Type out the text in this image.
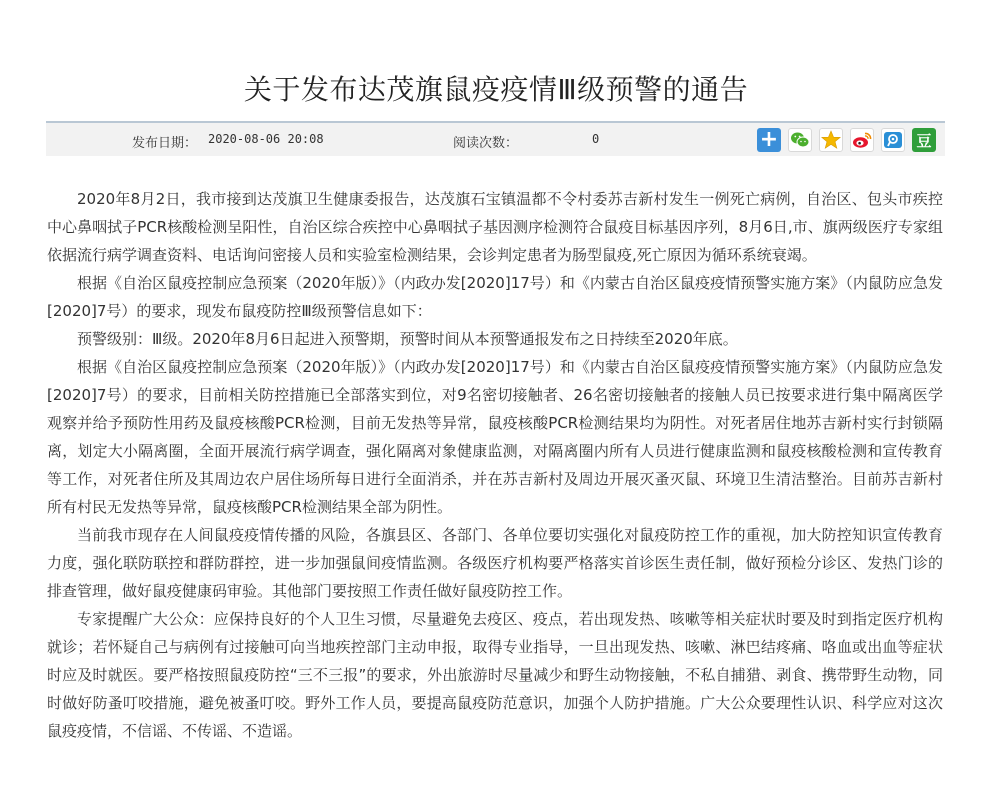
关于发布达茂旗鼠疫疫情Ⅲ级预警的通告
发布日期： 2020-08-06 20:08	阅读次数：	0	+	豆

2020年8月2日，我市接到达茂旗卫生健康委报告，达茂旗石宝镇温都不令村委苏吉新村发生一例死亡病例，自治区、包头市疾控中心鼻咽拭子PCR核酸检测呈阳性，自治区综合疾控中心鼻咽拭子基因测序检测符合鼠疫目标基因序列，8月6日,市、旗两级医疗专家组依据流行病学调查资料、电话询问密接人员和实验室检测结果，会诊判定患者为肠型鼠疫,死亡原因为循环系统衰竭。

根据《自治区鼠疫控制应急预案（2020年版）》（内政办发[2020]17号）和《内蒙古自治区鼠疫疫情预警实施方案》（内鼠防应急发[2020]7号）的要求，现发布鼠疫防控Ⅲ级预警信息如下：

预警级别：Ⅲ级。2020年8月6日起进入预警期，预警时间从本预警通报发布之日持续至2020年底。

根据《自治区鼠疫控制应急预案（2020年版）》（内政办发[2020]17号）和《内蒙古自治区鼠疫疫情预警实施方案》（内鼠防应急发[2020]7号）的要求，目前相关防控措施已全部落实到位，对9名密切接触者、26名密切接触者的接触人员已按要求进行集中隔离医学观察并给予预防性用药及鼠疫核酸PCR检测，目前无发热等异常，鼠疫核酸PCR检测结果均为阴性。对死者居住地苏吉新村实行封锁隔离，划定大小隔离圈，全面开展流行病学调查，强化隔离对象健康监测，对隔离圈内所有人员进行健康监测和鼠疫核酸检测和宣传教育等工作，对死者住所及其周边农户居住场所每日进行全面消杀，并在苏吉新村及周边开展灭蚤灭鼠、环境卫生清洁整治。目前苏吉新村所有村民无发热等异常，鼠疫核酸PCR检测结果全部为阴性。

当前我市现存在人间鼠疫疫情传播的风险，各旗县区、各部门、各单位要切实强化对鼠疫防控工作的重视，加大防控知识宣传教育力度，强化联防联控和群防群控，进一步加强鼠间疫情监测。各级医疗机构要严格落实首诊医生责任制，做好预检分诊区、发热门诊的排查管理，做好鼠疫健康码审验。其他部门要按照工作责任做好鼠疫防控工作。

专家提醒广大公众：应保持良好的个人卫生习惯，尽量避免去疫区、疫点，若出现发热、咳嗽等相关症状时要及时到指定医疗机构就诊；若怀疑自己与病例有过接触可向当地疾控部门主动申报，取得专业指导，一旦出现发热、咳嗽、淋巴结疼痛、咯血或出血等症状时应及时就医。要严格按照鼠疫防控“三不三报”的要求，外出旅游时尽量减少和野生动物接触，不私自捕猎、剥食、携带野生动物，同时做好防蚤叮咬措施，避免被蚤叮咬。野外工作人员，要提高鼠疫防范意识，加强个人防护措施。广大公众要理性认识、科学应对这次鼠疫疫情，不信谣、不传谣、不造谣。
